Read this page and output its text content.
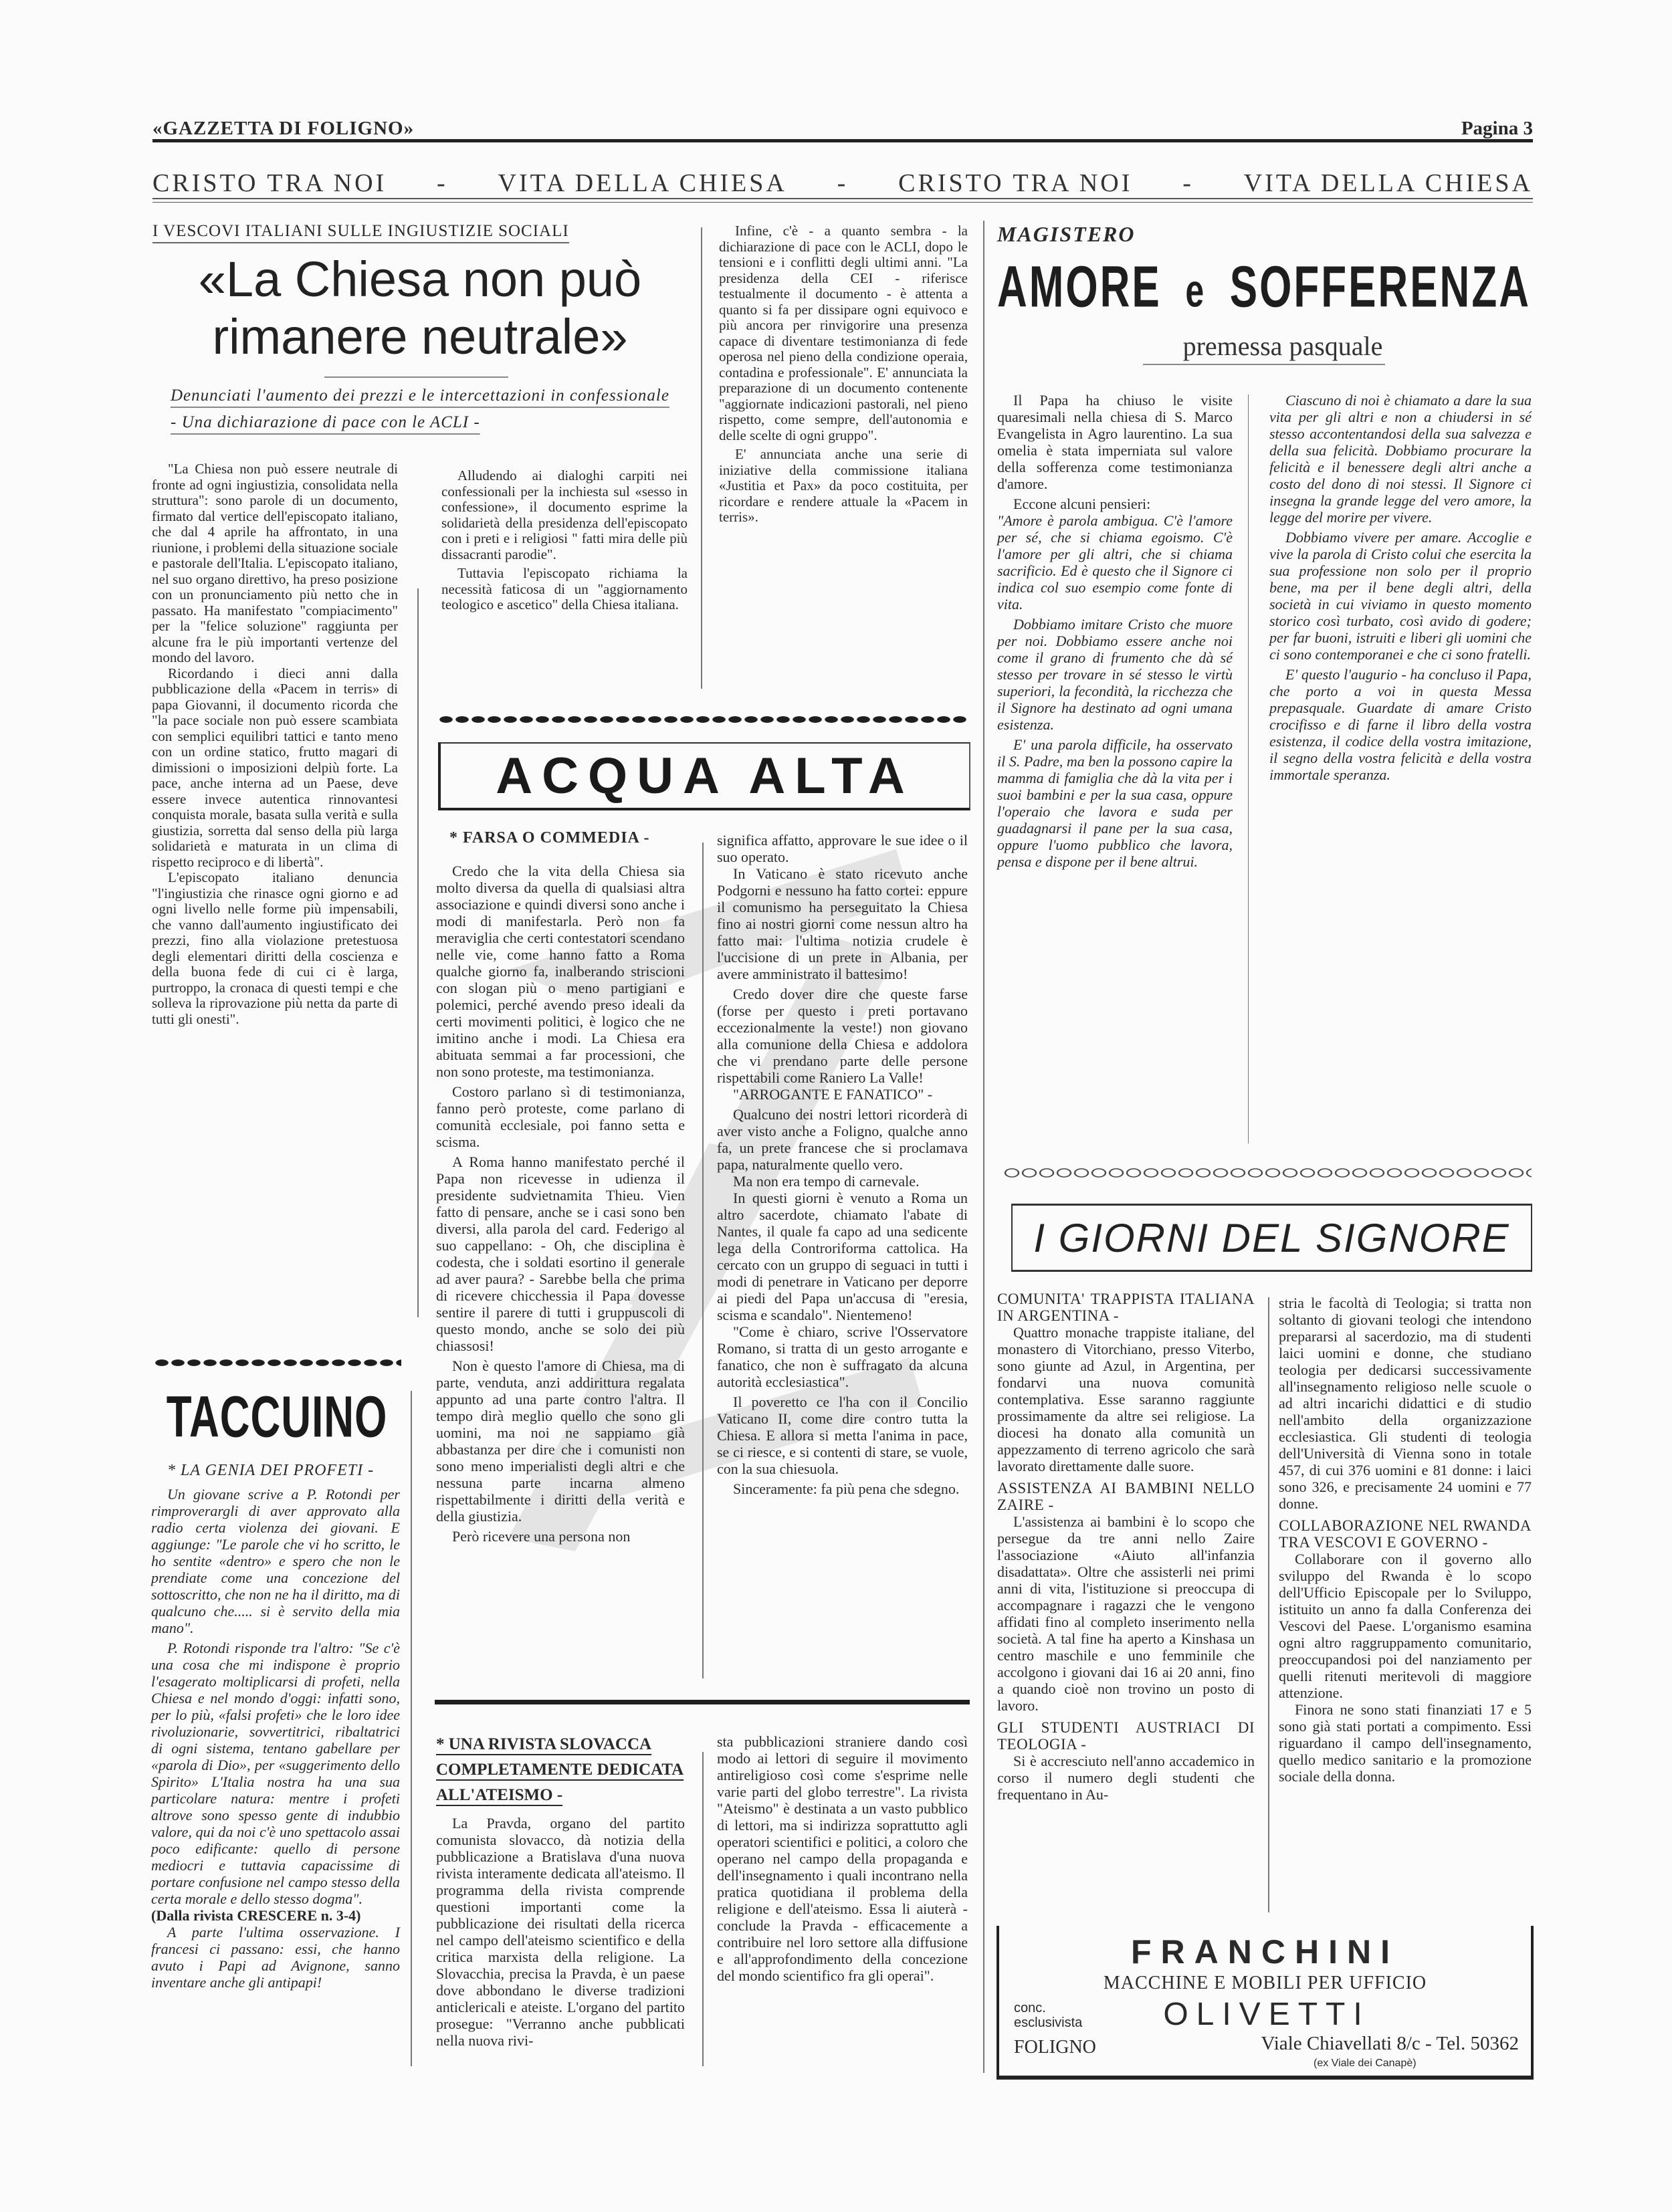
«GAZZETTA DI FOLIGNO»	Pagina 3
CRISTO TRA NOI - VITA DELLA CHIESA - CRISTO TRA NOI - VITA DELLA CHIESA
I VESCOVI ITALIANI SULLE INGIUSTIZIE SOCIALI
«La Chiesa non può
rimanere neutrale»
Denunciati l'aumento dei prezzi e le intercettazioni in confessionale - Una dichiarazione di pace con le ACLI -

"La Chiesa non può essere neutrale di fronte ad ogni ingiustizia, consolidata nella struttura": sono parole di un documento, firmato dal vertice dell'episcopato italiano, che dal 4 aprile ha affrontato, in una riunione, i problemi della situazione sociale e pastorale dell'Italia. L'episcopato italiano, nel suo organo direttivo, ha preso posizione con un pronunciamento più netto che in passato. Ha manifestato "compiacimento" per la "felice soluzione" raggiunta per alcune fra le più importanti vertenze del mondo del lavoro.

Ricordando i dieci anni dalla pubblicazione della «Pacem in terris» di papa Giovanni, il documento ricorda che "la pace sociale non può essere scambiata con semplici equilibri tattici e tanto meno con un ordine statico, frutto magari di dimissioni o imposizioni delpiù forte. La pace, anche interna ad un Paese, deve essere invece autentica rinnovantesi conquista morale, basata sulla verità e sulla giustizia, sorretta dal senso della più larga solidarietà e maturata in un clima di rispetto reciproco e di libertà".

L'episcopato italiano denuncia "l'ingiustizia che rinasce ogni giorno e ad ogni livello nelle forme più impensabili, che vanno dall'aumento ingiustificato dei prezzi, fino alla violazione pretestuosa degli elementari diritti della coscienza e della buona fede di cui ci è larga, purtroppo, la cronaca di questi tempi e che solleva la riprovazione più netta da parte di tutti gli onesti".

Alludendo ai dialoghi carpiti nei confessionali per la inchiesta sul «sesso in confessione», il documento esprime la solidarietà della presidenza dell'episcopato con i preti e i religiosi " fatti mira delle più dissacranti parodie".

Tuttavia l'episcopato richiama la necessità faticosa di un "aggiornamento teologico e ascetico" della Chiesa italiana.

Infine, c'è - a quanto sembra - la dichiarazione di pace con le ACLI, dopo le tensioni e i conflitti degli ultimi anni. "La presidenza della CEI - riferisce testualmente il documento - è attenta a quanto si fa per dissipare ogni equivoco e più ancora per rinvigorire una presenza capace di diventare testimonianza di fede operosa nel pieno della condizione operaia, contadina e professionale". E' annunciata la preparazione di un documento contenente "aggiornate indicazioni pastorali, nel pieno rispetto, come sempre, dell'autonomia e delle scelte di ogni gruppo".

E' annunciata anche una serie di iniziative della commissione italiana «Justitia et Pax» da poco costituita, per ricordare e rendere attuale la «Pacem in terris».

ACQUA ALTA
* FARSA O COMMEDIA -

Credo che la vita della Chiesa sia molto diversa da quella di qualsiasi altra associazione e quindi diversi sono anche i modi di manifestarla. Però non fa meraviglia che certi contestatori scendano nelle vie, come hanno fatto a Roma qualche giorno fa, inalberando striscioni con slogan più o meno partigiani e polemici, perché avendo preso ideali da certi movimenti politici, è logico che ne imitino anche i modi. La Chiesa era abituata semmai a far processioni, che non sono proteste, ma testimonianza.

Costoro parlano sì di testimonianza, fanno però proteste, come parlano di comunità ecclesiale, poi fanno setta e scisma.

A Roma hanno manifestato perché il Papa non ricevesse in udienza il presidente sudvietnamita Thieu. Vien fatto di pensare, anche se i casi sono ben diversi, alla parola del card. Federigo al suo cappellano: - Oh, che disciplina è codesta, che i soldati esortino il generale ad aver paura? - Sarebbe bella che prima di ricevere chicchessia il Papa dovesse sentire il parere di tutti i gruppuscoli di questo mondo, anche se solo dei più chiassosi!

Non è questo l'amore di Chiesa, ma di parte, venduta, anzi addirittura regalata appunto ad una parte contro l'altra. Il tempo dirà meglio quello che sono gli uomini, ma noi ne sappiamo già abbastanza per dire che i comunisti non sono meno imperialisti degli altri e che nessuna parte incarna almeno rispettabilmente i diritti della verità e della giustizia.

Però ricevere una persona non

significa affatto, approvare le sue idee o il suo operato.

In Vaticano è stato ricevuto anche Podgorni e nessuno ha fatto cortei: eppure il comunismo ha perseguitato la Chiesa fino ai nostri giorni come nessun altro ha fatto mai: l'ultima notizia crudele è l'uccisione di un prete in Albania, per avere amministrato il battesimo!

Credo dover dire che queste farse (forse per questo i preti portavano eccezionalmente la veste!) non giovano alla comunione della Chiesa e addolora che vi prendano parte delle persone rispettabili come Raniero La Valle!

"ARROGANTE E FANATICO" -

Qualcuno dei nostri lettori ricorderà di aver visto anche a Foligno, qualche anno fa, un prete francese che si proclamava papa, naturalmente quello vero.

Ma non era tempo di carnevale.

In questi giorni è venuto a Roma un altro sacerdote, chiamato l'abate di Nantes, il quale fa capo ad una sedicente lega della Controriforma cattolica. Ha cercato con un gruppo di seguaci in tutti i modi di penetrare in Vaticano per deporre ai piedi del Papa un'accusa di "eresia, scisma e scandalo". Nientemeno!

"Come è chiaro, scrive l'Osservatore Romano, si tratta di un gesto arrogante e fanatico, che non è suffragato da alcuna autorità ecclesiastica".

Il poveretto ce l'ha con il Concilio Vaticano II, come dire contro tutta la Chiesa. E allora si metta l'anima in pace, se ci riesce, e si contenti di stare, se vuole, con la sua chiesuola.

Sinceramente: fa più pena che sdegno.

* UNA RIVISTA SLOVACCA COMPLETAMENTE DEDICATA ALL'ATEISMO -

La Pravda, organo del partito comunista slovacco, dà notizia della pubblicazione a Bratislava d'una nuova rivista interamente dedicata all'ateismo. Il programma della rivista comprende questioni importanti come la pubblicazione dei risultati della ricerca nel campo dell'ateismo scientifico e della critica marxista della religione. La Slovacchia, precisa la Pravda, è un paese dove abbondano le diverse tradizioni anticlericali e ateiste. L'organo del partito prosegue: "Verranno anche pubblicati nella nuova rivi-

sta pubblicazioni straniere dando così modo ai lettori di seguire il movimento antireligioso così come s'esprime nelle varie parti del globo terrestre". La rivista "Ateismo" è destinata a un vasto pubblico di lettori, ma si indirizza soprattutto agli operatori scientifici e politici, a coloro che operano nel campo della propaganda e dell'insegnamento i quali incontrano nella pratica quotidiana il problema della religione e dell'ateismo. Essa li aiuterà - conclude la Pravda - efficacemente a contribuire nel loro settore alla diffusione e all'approfondimento della concezione del mondo scientifico fra gli operai".

TACCUINO
* LA GENIA DEI PROFETI -

Un giovane scrive a P. Rotondi per rimproverargli di aver approvato alla radio certa violenza dei giovani. E aggiunge: "Le parole che vi ho scritto, le ho sentite «dentro» e spero che non le prendiate come una concezione del sottoscritto, che non ne ha il diritto, ma di qualcuno che..... si è servito della mia mano".

P. Rotondi risponde tra l'altro: "Se c'è una cosa che mi indispone è proprio l'esagerato moltiplicarsi di profeti, nella Chiesa e nel mondo d'oggi: infatti sono, per lo più, «falsi profeti» che le loro idee rivoluzionarie, sovvertitrici, ribaltatrici di ogni sistema, tentano gabellare per «parola di Dio», per «suggerimento dello Spirito» L'Italia nostra ha una sua particolare natura: mentre i profeti altrove sono spesso gente di indubbio valore, qui da noi c'è uno spettacolo assai poco edificante: quello di persone mediocri e tuttavia capacissime di portare confusione nel campo stesso della certa morale e dello stesso dogma".

(Dalla rivista CRESCERE n. 3-4)

A parte l'ultima osservazione. I francesi ci passano: essi, che hanno avuto i Papi ad Avignone, sanno inventare anche gli antipapi!

MAGISTERO
AMORE e SOFFERENZA
premessa pasquale

Il Papa ha chiuso le visite quaresimali nella chiesa di S. Marco Evangelista in Agro laurentino. La sua omelia è stata imperniata sul valore della sofferenza come testimonianza d'amore.

Eccone alcuni pensieri:

"Amore è parola ambigua. C'è l'amore per sé, che si chiama egoismo. C'è l'amore per gli altri, che si chiama sacrificio. Ed è questo che il Signore ci indica col suo esempio come fonte di vita.

Dobbiamo imitare Cristo che muore per noi. Dobbiamo essere anche noi come il grano di frumento che dà sé stesso per trovare in sé stesso le virtù superiori, la fecondità, la ricchezza che il Signore ha destinato ad ogni umana esistenza.

E' una parola difficile, ha osservato il S. Padre, ma ben la possono capire la mamma di famiglia che dà la vita per i suoi bambini e per la sua casa, oppure l'operaio che lavora e suda per guadagnarsi il pane per la sua casa, oppure l'uomo pubblico che lavora, pensa e dispone per il bene altrui.

Ciascuno di noi è chiamato a dare la sua vita per gli altri e non a chiudersi in sé stesso accontentandosi della sua salvezza e della sua felicità. Dobbiamo procurare la felicità e il benessere degli altri anche a costo del dono di noi stessi. Il Signore ci insegna la grande legge del vero amore, la legge del morire per vivere.

Dobbiamo vivere per amare. Accoglie e vive la parola di Cristo colui che esercita la sua professione non solo per il proprio bene, ma per il bene degli altri, della società in cui viviamo in questo momento storico così turbato, così avido di godere; per far buoni, istruiti e liberi gli uomini che ci sono contemporanei e che ci sono fratelli.

E' questo l'augurio - ha concluso il Papa, che porto a voi in questa Messa prepasquale. Guardate di amare Cristo crocifisso e di farne il libro della vostra esistenza, il codice della vostra imitazione, il segno della vostra felicità e della vostra immortale speranza.

I GIORNI DEL SIGNORE

COMUNITA' TRAPPISTA ITALIANA IN ARGENTINA -

Quattro monache trappiste italiane, del monastero di Vitorchiano, presso Viterbo, sono giunte ad Azul, in Argentina, per fondarvi una nuova comunità contemplativa. Esse saranno raggiunte prossimamente da altre sei religiose. La diocesi ha donato alla comunità un appezzamento di terreno agricolo che sarà lavorato direttamente dalle suore.

ASSISTENZA AI BAMBINI NELLO ZAIRE -

L'assistenza ai bambini è lo scopo che persegue da tre anni nello Zaire l'associazione «Aiuto all'infanzia disadattata». Oltre che assisterli nei primi anni di vita, l'istituzione si preoccupa di accompagnare i ragazzi che le vengono affidati fino al completo inserimento nella società. A tal fine ha aperto a Kinshasa un centro maschile e uno femminile che accolgono i giovani dai 16 ai 20 anni, fino a quando cioè non trovino un posto di lavoro.

GLI STUDENTI AUSTRIACI DI TEOLOGIA -

Si è accresciuto nell'anno accademico in corso il numero degli studenti che frequentano in Au-

stria le facoltà di Teologia; si tratta non soltanto di giovani teologi che intendono prepararsi al sacerdozio, ma di studenti laici uomini e donne, che studiano teologia per dedicarsi successivamente all'insegnamento religioso nelle scuole o ad altri incarichi didattici e di studio nell'ambito della organizzazione ecclesiastica. Gli studenti di teologia dell'Università di Vienna sono in totale 457, di cui 376 uomini e 81 donne: i laici sono 326, e precisamente 24 uomini e 77 donne.

COLLABORAZIONE NEL RWANDA TRA VESCOVI E GOVERNO -

Collaborare con il governo allo sviluppo del Rwanda è lo scopo dell'Ufficio Episcopale per lo Sviluppo, istituito un anno fa dalla Conferenza dei Vescovi del Paese. L'organismo esamina ogni altro raggruppamento comunitario, preoccupandosi poi del nanziamento per quelli ritenuti meritevoli di maggiore attenzione.

Finora ne sono stati finanziati 17 e 5 sono già stati portati a compimento. Essi riguardano il campo dell'insegnamento, quello medico sanitario e la promozione sociale della donna.

FRANCHINI
MACCHINE E MOBILI PER UFFICIO
conc. esclusivista	OLIVETTI
FOLIGNO	Viale Chiavellati 8/c - Tel. 50362
(ex Viale dei Canapè)
